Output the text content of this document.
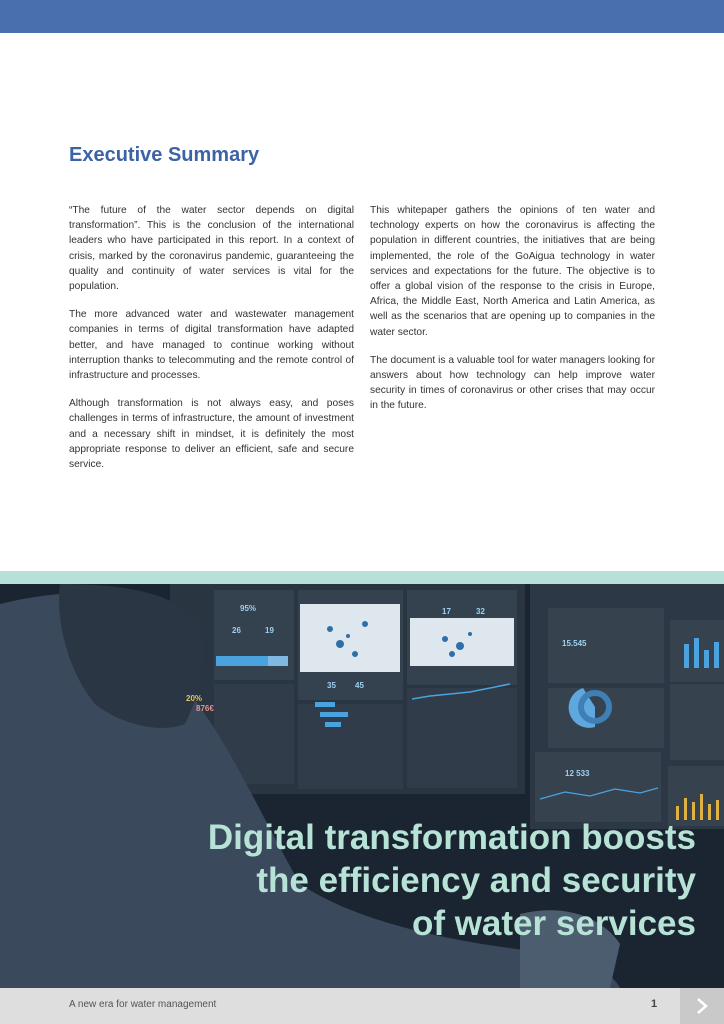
Executive Summary

“The future of the water sector depends on digital transformation”. This is the conclusion of the international leaders who have participated in this report. In a context of crisis, marked by the coronavirus pandemic, guaranteeing the quality and continuity of water services is vital for the population.

The more advanced water and wastewater management companies in terms of digital transformation have adapted better, and have managed to continue working without interruption thanks to telecommuting and the remote control of infrastructure and processes.

Although transformation is not always easy, and poses challenges in terms of infrastructure, the amount of investment and a necessary shift in mindset, it is definitely the most appropriate response to deliver an efficient, safe and secure service.

This whitepaper gathers the opinions of ten water and technology experts on how the coronavirus is affecting the population in different countries, the initiatives that are being implemented, the role of the GoAigua technology in water services and expectations for the future. The objective is to offer a global vision of the response to the crisis in Europe, Africa, the Middle East, North America and Latin America, as well as the scenarios that are opening up to companies in the water sector.

The document is a valuable tool for water managers looking for answers about how technology can help improve water security in times of coronavirus or other crises that may occur in the future.

95%
26	19
20%
876€
35 45
17	32
15.545
12 533
Digital transformation boosts
the efficiency and security
of water services
A new era for water management	1
